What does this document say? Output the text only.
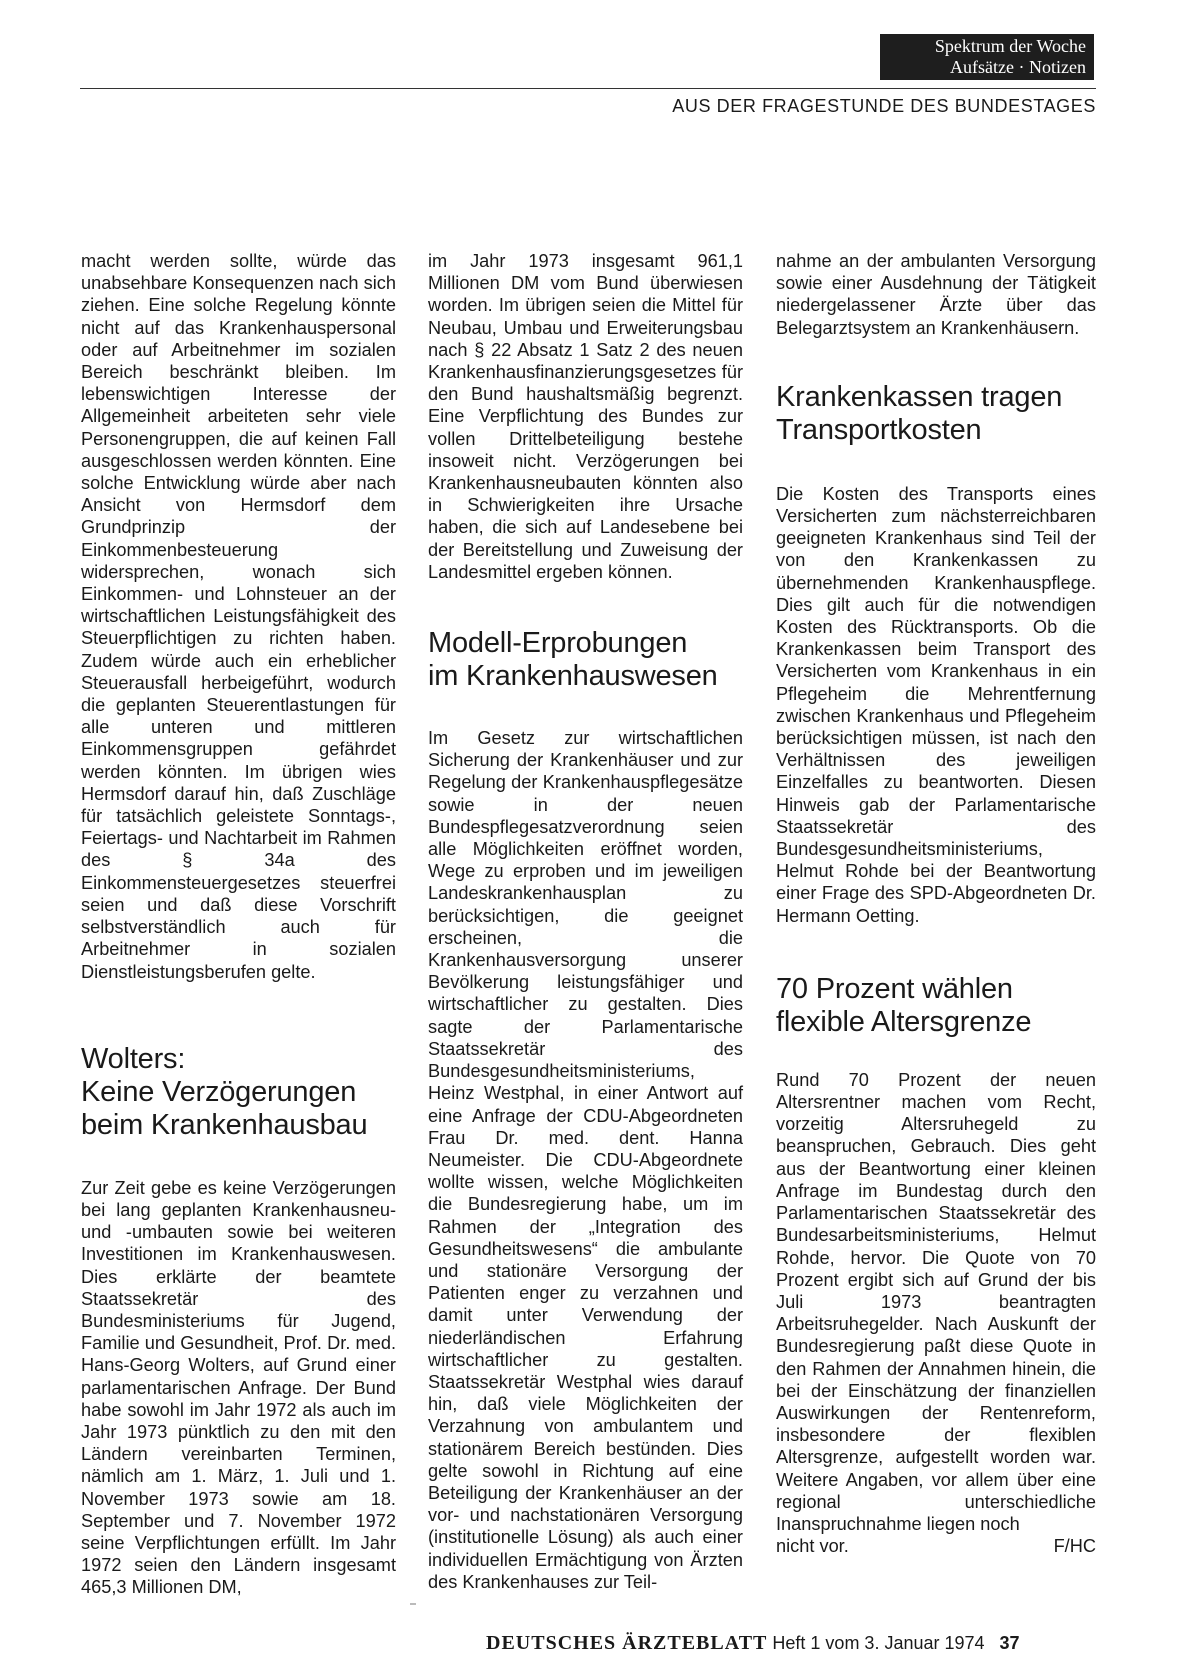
Spektrum der Woche
Aufsätze · Notizen
AUS DER FRAGESTUNDE DES BUNDESTAGES

macht werden sollte, würde das unabsehbare Konsequenzen nach sich ziehen. Eine solche Regelung könnte nicht auf das Krankenhauspersonal oder auf Arbeitnehmer im sozialen Bereich beschränkt bleiben. Im lebenswichtigen Interesse der Allgemeinheit arbeiteten sehr viele Personengruppen, die auf keinen Fall ausgeschlossen werden könnten. Eine solche Entwicklung würde aber nach Ansicht von Hermsdorf dem Grundprinzip der Einkommenbesteuerung widersprechen, wonach sich Einkommen- und Lohnsteuer an der wirtschaftlichen Leistungsfähigkeit des Steuerpflichtigen zu richten haben. Zudem würde auch ein erheblicher Steuerausfall herbeigeführt, wodurch die geplanten Steuerentlastungen für alle unteren und mittleren Einkommensgruppen gefährdet werden könnten. Im übrigen wies Hermsdorf darauf hin, daß Zuschläge für tatsächlich geleistete Sonntags-, Feiertags- und Nachtarbeit im Rahmen des § 34a des Einkommensteuergesetzes steuerfrei seien und daß diese Vorschrift selbstverständlich auch für Arbeitnehmer in sozialen Dienstleistungsberufen gelte.

Wolters:
Keine Verzögerungen
beim Krankenhausbau

Zur Zeit gebe es keine Verzögerungen bei lang geplanten Krankenhausneu- und -umbauten sowie bei weiteren Investitionen im Krankenhauswesen. Dies erklärte der beamtete Staatssekretär des Bundesministeriums für Jugend, Familie und Gesundheit, Prof. Dr. med. Hans-Georg Wolters, auf Grund einer parlamentarischen Anfrage. Der Bund habe sowohl im Jahr 1972 als auch im Jahr 1973 pünktlich zu den mit den Ländern vereinbarten Terminen, nämlich am 1. März, 1. Juli und 1. November 1973 sowie am 18. September und 7. November 1972 seine Verpflichtungen erfüllt. Im Jahr 1972 seien den Ländern insgesamt 465,3 Millionen DM,

im Jahr 1973 insgesamt 961,1 Millionen DM vom Bund überwiesen worden. Im übrigen seien die Mittel für Neubau, Umbau und Erweiterungsbau nach § 22 Absatz 1 Satz 2 des neuen Krankenhausfinanzierungsgesetzes für den Bund haushaltsmäßig begrenzt. Eine Verpflichtung des Bundes zur vollen Drittelbeteiligung bestehe insoweit nicht. Verzögerungen bei Krankenhausneubauten könnten also in Schwierigkeiten ihre Ursache haben, die sich auf Landesebene bei der Bereitstellung und Zuweisung der Landesmittel ergeben können.

Modell-Erprobungen
im Krankenhauswesen

Im Gesetz zur wirtschaftlichen Sicherung der Krankenhäuser und zur Regelung der Krankenhauspflegesätze sowie in der neuen Bundespflegesatzverordnung seien alle Möglichkeiten eröffnet worden, Wege zu erproben und im jeweiligen Landeskrankenhausplan zu berücksichtigen, die geeignet erscheinen, die Krankenhausversorgung unserer Bevölkerung leistungsfähiger und wirtschaftlicher zu gestalten. Dies sagte der Parlamentarische Staatssekretär des Bundesgesundheitsministeriums, Heinz Westphal, in einer Antwort auf eine Anfrage der CDU-Abgeordneten Frau Dr. med. dent. Hanna Neumeister. Die CDU-Abgeordnete wollte wissen, welche Möglichkeiten die Bundesregierung habe, um im Rahmen der „Integration des Gesundheitswesens“ die ambulante und stationäre Versorgung der Patienten enger zu verzahnen und damit unter Verwendung der niederländischen Erfahrung wirtschaftlicher zu gestalten. Staatssekretär Westphal wies darauf hin, daß viele Möglichkeiten der Verzahnung von ambulantem und stationärem Bereich bestünden. Dies gelte sowohl in Richtung auf eine Beteiligung der Krankenhäuser an der vor- und nachstationären Versorgung (institutionelle Lösung) als auch einer individuellen Ermächtigung von Ärzten des Krankenhauses zur Teil-

nahme an der ambulanten Versorgung sowie einer Ausdehnung der Tätigkeit niedergelassener Ärzte über das Belegarztsystem an Krankenhäusern.

Krankenkassen tragen
Transportkosten

Die Kosten des Transports eines Versicherten zum nächsterreichbaren geeigneten Krankenhaus sind Teil der von den Krankenkassen zu übernehmenden Krankenhauspflege. Dies gilt auch für die notwendigen Kosten des Rücktransports. Ob die Krankenkassen beim Transport des Versicherten vom Krankenhaus in ein Pflegeheim die Mehrentfernung zwischen Krankenhaus und Pflegeheim berücksichtigen müssen, ist nach den Verhältnissen des jeweiligen Einzelfalles zu beantworten. Diesen Hinweis gab der Parlamentarische Staatssekretär des Bundesgesundheitsministeriums, Helmut Rohde bei der Beantwortung einer Frage des SPD-Abgeordneten Dr. Hermann Oetting.

70 Prozent wählen
flexible Altersgrenze

Rund 70 Prozent der neuen Altersrentner machen vom Recht, vorzeitig Altersruhegeld zu beanspruchen, Gebrauch. Dies geht aus der Beantwortung einer kleinen Anfrage im Bundestag durch den Parlamentarischen Staatssekretär des Bundesarbeitsministeriums, Helmut Rohde, hervor. Die Quote von 70 Prozent ergibt sich auf Grund der bis Juli 1973 beantragten Arbeitsruhegelder. Nach Auskunft der Bundesregierung paßt diese Quote in den Rahmen der Annahmen hinein, die bei der Einschätzung der finanziellen Auswirkungen der Rentenreform, insbesondere der flexiblen Altersgrenze, aufgestellt worden war. Weitere Angaben, vor allem über eine regional unterschiedliche Inanspruchnahme liegen noch

nicht vor.	F/HC

DEUTSCHES ÄRZTEBLATT Heft 1 vom 3. Januar 1974 37
